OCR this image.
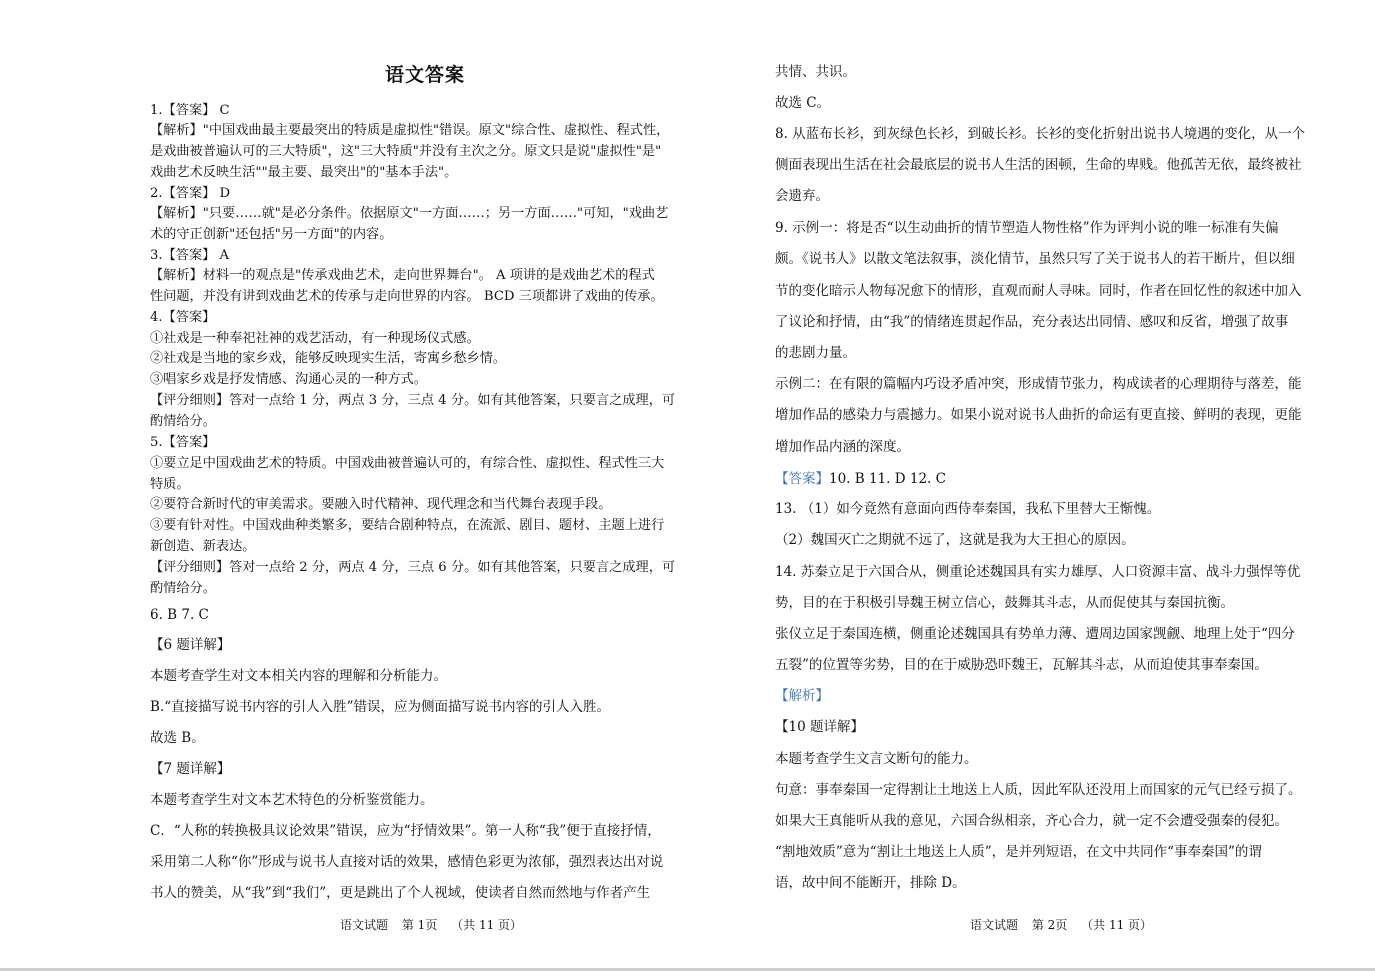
语文答案
1.【答案】 C
【解析】"中国戏曲最主要最突出的特质是虚拟性"错误。原文"综合性、虚拟性、程式性，
是戏曲被普遍认可的三大特质"，这"三大特质"并没有主次之分。原文只是说"虚拟性"是"
戏曲艺术反映生活""最主要、最突出"的"基本手法"。
2.【答案】 D
【解析】"只要……就"是必分条件。依据原文"一方面……；另一方面……"可知，"戏曲艺
术的守正创新"还包括"另一方面"的内容。
3.【答案】 A
【解析】材料一的观点是"传承戏曲艺术，走向世界舞台"。 A 项讲的是戏曲艺术的程式
性问题，并没有讲到戏曲艺术的传承与走向世界的内容。 BCD 三项都讲了戏曲的传承。
4.【答案】
①社戏是一种奉祀社神的戏艺活动，有一种现场仪式感。
②社戏是当地的家乡戏，能够反映现实生活，寄寓乡愁乡情。
③唱家乡戏是抒发情感、沟通心灵的一种方式。
【评分细则】答对一点给 1 分，两点 3 分，三点 4 分。如有其他答案，只要言之成理，可
酌情给分。
5.【答案】
①要立足中国戏曲艺术的特质。中国戏曲被普遍认可的，有综合性、虚拟性、程式性三大
特质。
②要符合新时代的审美需求。要融入时代精神、现代理念和当代舞台表现手段。
③要有针对性。中国戏曲种类繁多，要结合剧种特点，在流派、剧目、题材、主题上进行
新创造、新表达。
【评分细则】答对一点给 2 分，两点 4 分，三点 6 分。如有其他答案，只要言之成理，可
酌情给分。
6. B 7. C
【6 题详解】
本题考查学生对文本相关内容的理解和分析能力。
B.“直接描写说书内容的引人入胜”错误，应为侧面描写说书内容的引人入胜。
故选 B。
【7 题详解】
本题考查学生对文本艺术特色的分析鉴赏能力。
C．“人称的转换极具议论效果”错误，应为“抒情效果”。第一人称“我”便于直接抒情，
采用第二人称“你”形成与说书人直接对话的效果，感情色彩更为浓郁，强烈表达出对说
书人的赞美，从“我”到“我们”，更是跳出了个人视域，使读者自然而然地与作者产生
共情、共识。
故选 C。
8. 从蓝布长衫，到灰绿色长衫，到破长衫。长衫的变化折射出说书人境遇的变化，从一个
侧面表现出生活在社会最底层的说书人生活的困顿，生命的卑贱。他孤苦无依，最终被社
会遗弃。
9. 示例一：将是否“以生动曲折的情节塑造人物性格”作为评判小说的唯一标准有失偏
颇。《说书人》以散文笔法叙事，淡化情节，虽然只写了关于说书人的若干断片，但以细
节的变化暗示人物每况愈下的情形，直观而耐人寻味。同时，作者在回忆性的叙述中加入
了议论和抒情，由“我”的情绪连贯起作品，充分表达出同情、感叹和反省，增强了故事
的悲剧力量。
示例二：在有限的篇幅内巧设矛盾冲突，形成情节张力，构成读者的心理期待与落差，能
增加作品的感染力与震撼力。如果小说对说书人曲折的命运有更直接、鲜明的表现，更能
增加作品内涵的深度。
【答案】10. B 11. D 12. C
13. （1）如今竟然有意面向西侍奉秦国，我私下里替大王惭愧。
（2）魏国灭亡之期就不远了，这就是我为大王担心的原因。
14. 苏秦立足于六国合从，侧重论述魏国具有实力雄厚、人口资源丰富、战斗力强悍等优
势，目的在于积极引导魏王树立信心，鼓舞其斗志，从而促使其与秦国抗衡。
张仪立足于秦国连横，侧重论述魏国具有势单力薄、遭周边国家觊觎、地理上处于“四分
五裂”的位置等劣势，目的在于威胁恐吓魏王，瓦解其斗志，从而迫使其事奉秦国。
【解析】
【10 题详解】
本题考查学生文言文断句的能力。
句意：事奉秦国一定得割让土地送上人质，因此军队还没用上而国家的元气已经亏损了。
如果大王真能听从我的意见，六国合纵相亲，齐心合力，就一定不会遭受强秦的侵犯。
“割地效质”意为“割让土地送上人质”，是并列短语，在文中共同作“事奉秦国”的谓
语，故中间不能断开，排除 D。
语文试题 第 1页 （共 11 页）	语文试题 第 2页 （共 11 页）
